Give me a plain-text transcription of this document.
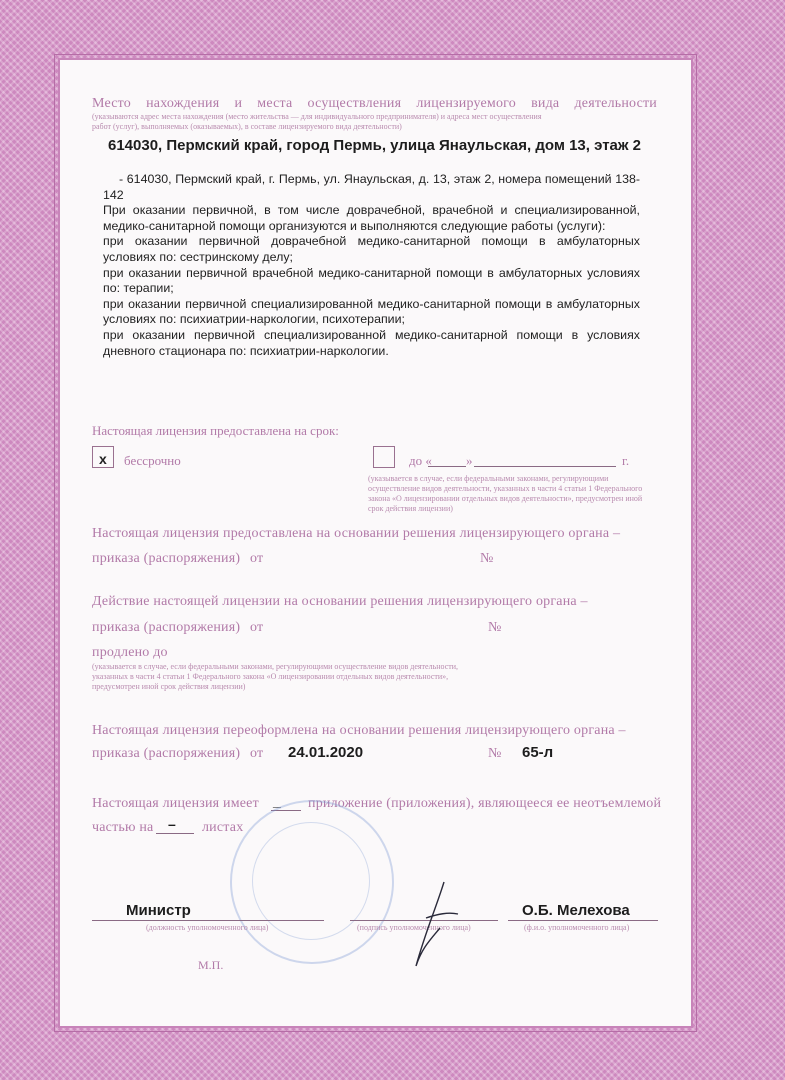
Место нахождения и места осуществления лицензируемого вида деятельности
(указываются адрес места нахождения (место жительства — для индивидуального предпринимателя) и адреса мест осуществления работ (услуг), выполняемых (оказываемых), в составе лицензируемого вида деятельности)
614030, Пермский край, город Пермь, улица Янаульская, дом 13, этаж 2

- 614030, Пермский край, г. Пермь, ул. Янаульская, д. 13, этаж 2, номера помещений 138-142

При оказании первичной, в том числе доврачебной, врачебной и специализированной, медико-санитарной помощи организуются и выполняются следующие работы (услуги):

при оказании первичной доврачебной медико-санитарной помощи в амбулаторных условиях по: сестринскому делу;

при оказании первичной врачебной медико-санитарной помощи в амбулаторных условиях по: терапии;

при оказании первичной специализированной медико-санитарной помощи в амбулаторных условиях по: психиатрии-наркологии, психотерапии;

при оказании первичной специализированной медико-санитарной помощи в условиях дневного стационара по: психиатрии-наркологии.

Настоящая лицензия предоставлена на срок:
x бессрочно	до «	»	г.
(указывается в случае, если федеральными законами, регулирующими осуществление видов деятельности, указанных в части 4 статьи 1 Федерального закона «О лицензировании отдельных видов деятельности», предусмотрен иной срок действия лицензии)
Настоящая лицензия предоставлена на основании решения лицензирующего органа –
приказа (распоряжения) от	№
Действие настоящей лицензии на основании решения лицензирующего органа –
приказа (распоряжения) от	№
продлено до
(указывается в случае, если федеральными законами, регулирующими осуществление видов деятельности, указанных в части 4 статьи 1 Федерального закона «О лицензировании отдельных видов деятельности», предусмотрен иной срок действия лицензии)
Настоящая лицензия переоформлена на основании решения лицензирующего органа –
приказа (распоряжения) от 24.01.2020	№ 65-л
Настоящая лицензия имеет _ приложение (приложения), являющееся ее неотъемлемой
частью на – листах
Министр
(должность уполномоченного лица)	(подпись уполномоченного лица)
О.Б. Мелехова
(ф.и.о. уполномоченного лица)
М.П.
